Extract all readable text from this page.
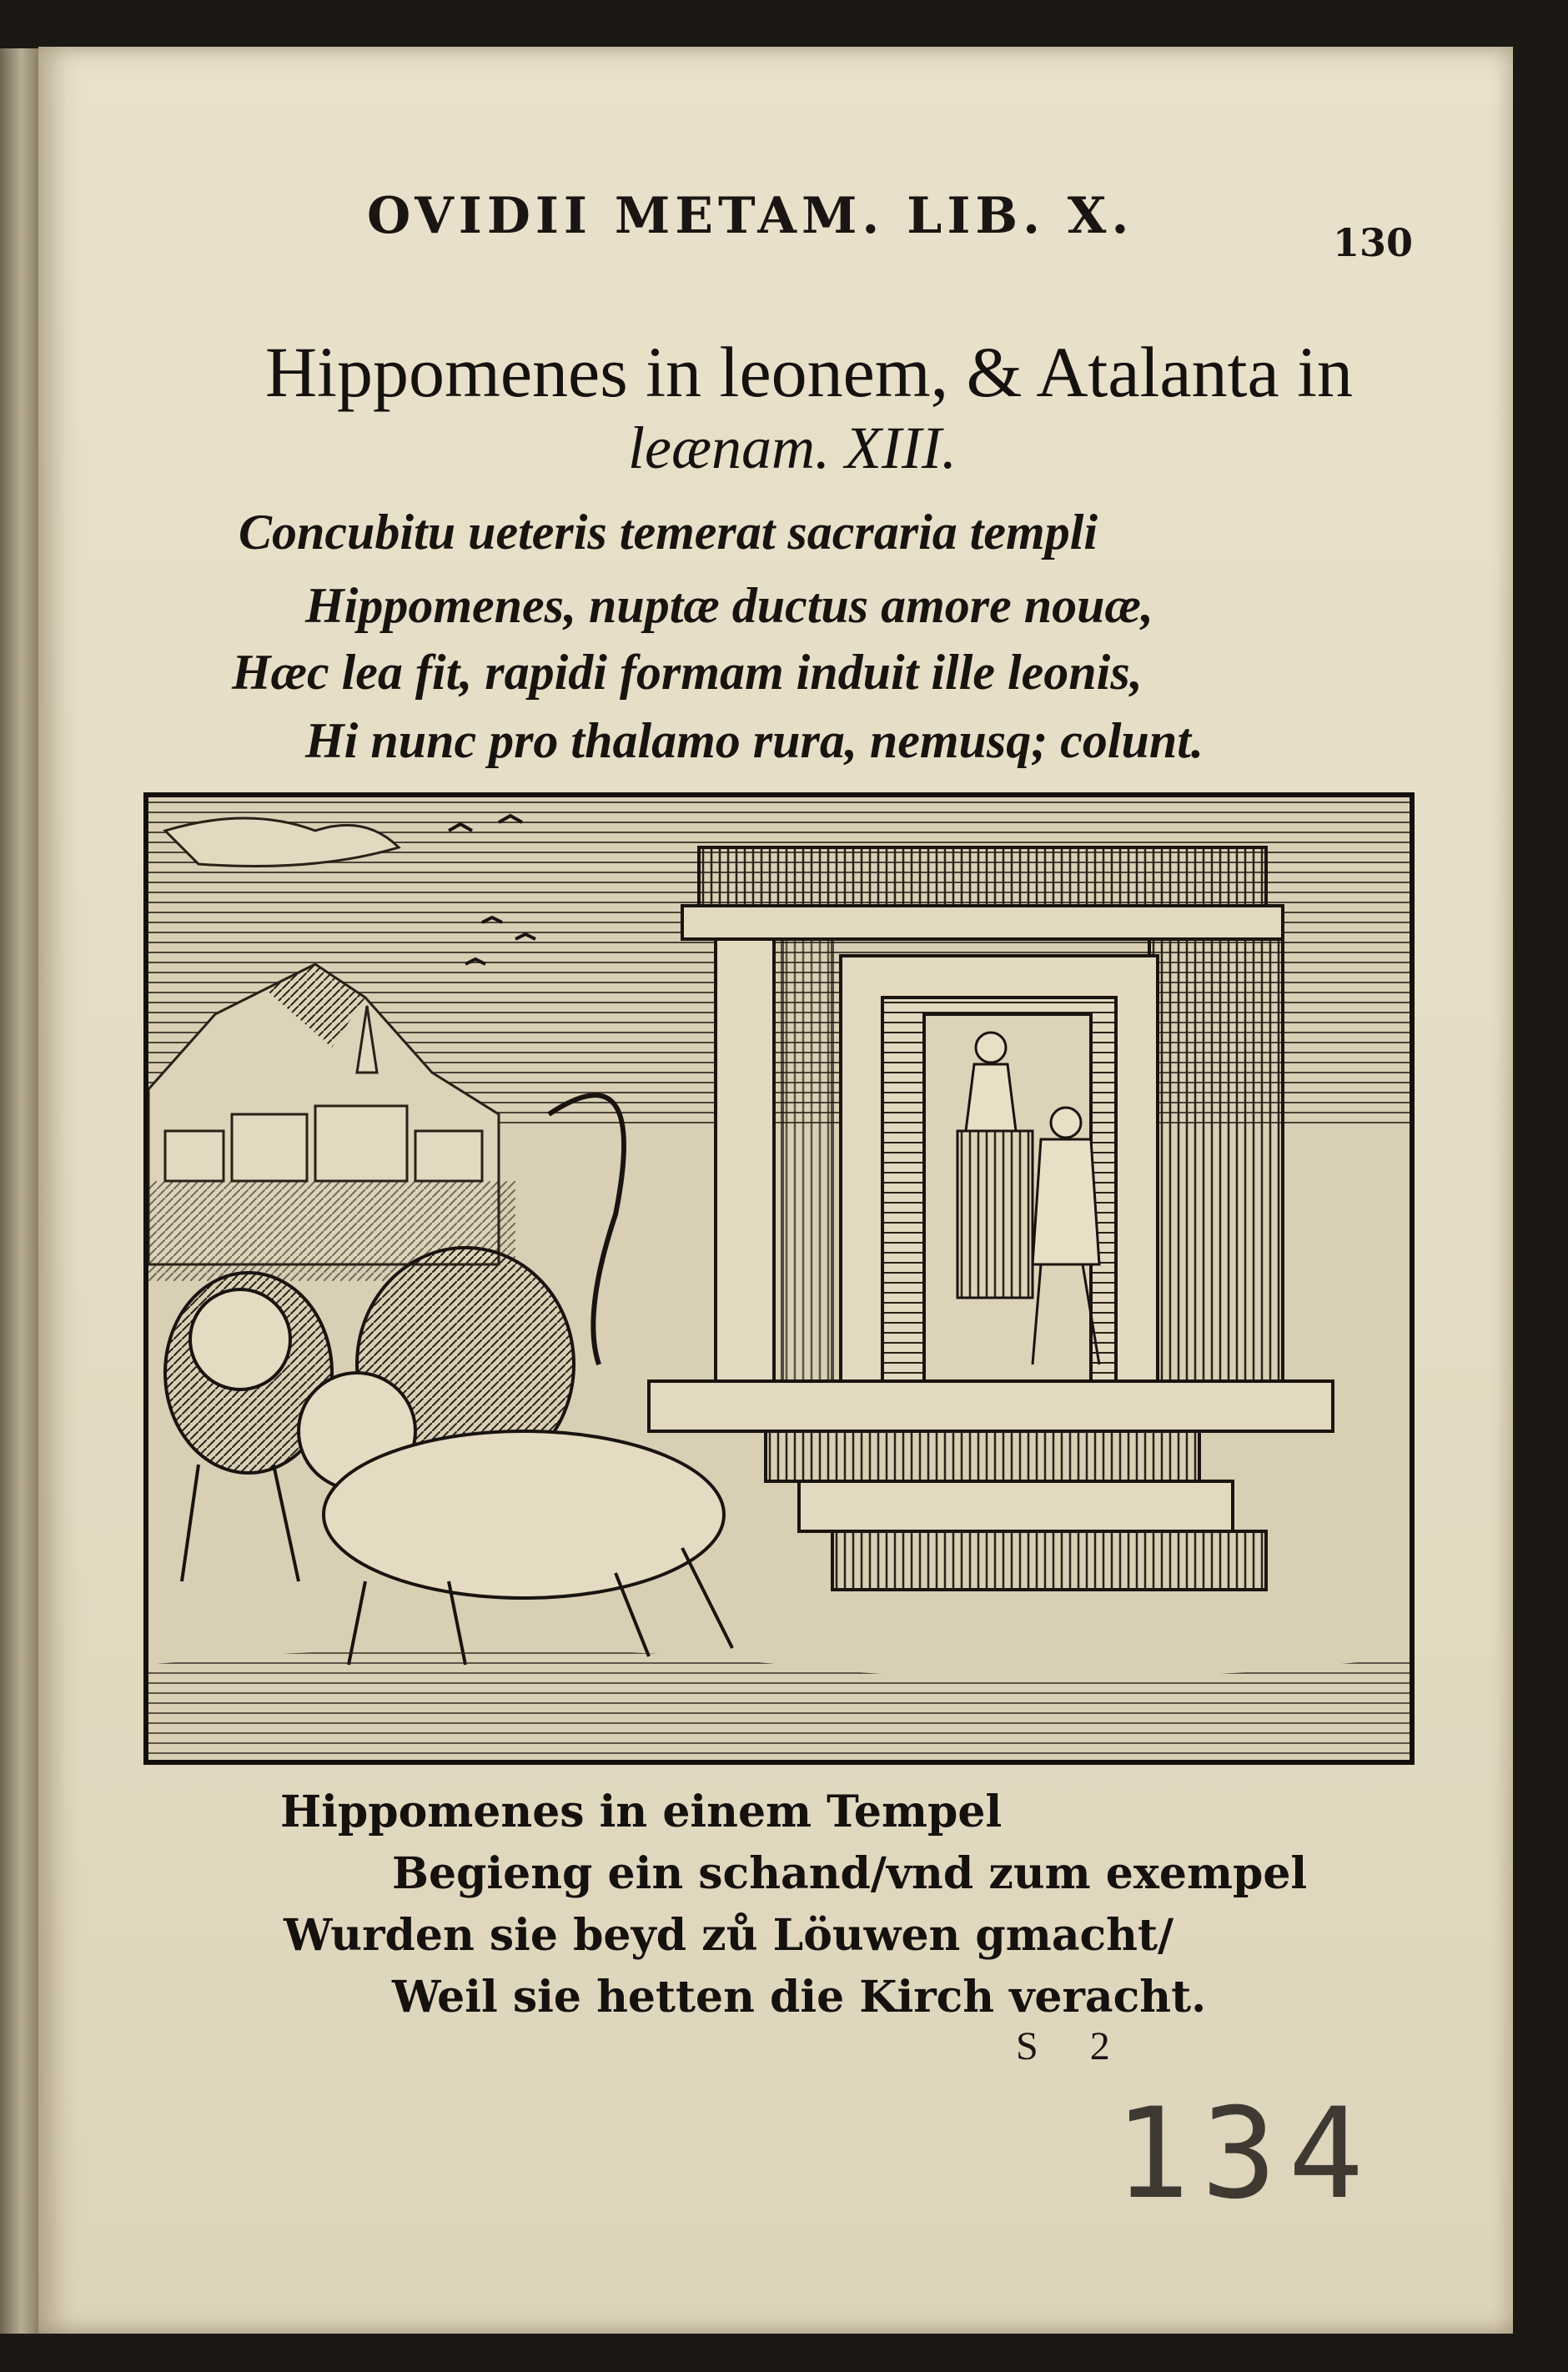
OVIDII METAM. LIB. X.	130
Hippomenes in leonem, & Atalanta in
leænam. XIII.
Concubitu ueteris temerat sacraria templi
Hippomenes, nuptæ ductus amore nouæ,
Hæc lea fit, rapidi formam induit ille leonis,
Hi nunc pro thalamo rura, nemusq; colunt.
Hippomenes in einem Tempel
Begieng ein schand/vnd zum exempel
Wurden sie beyd zů Löuwen gmacht/
Weil sie hetten die Kirch veracht.
S 2
134
